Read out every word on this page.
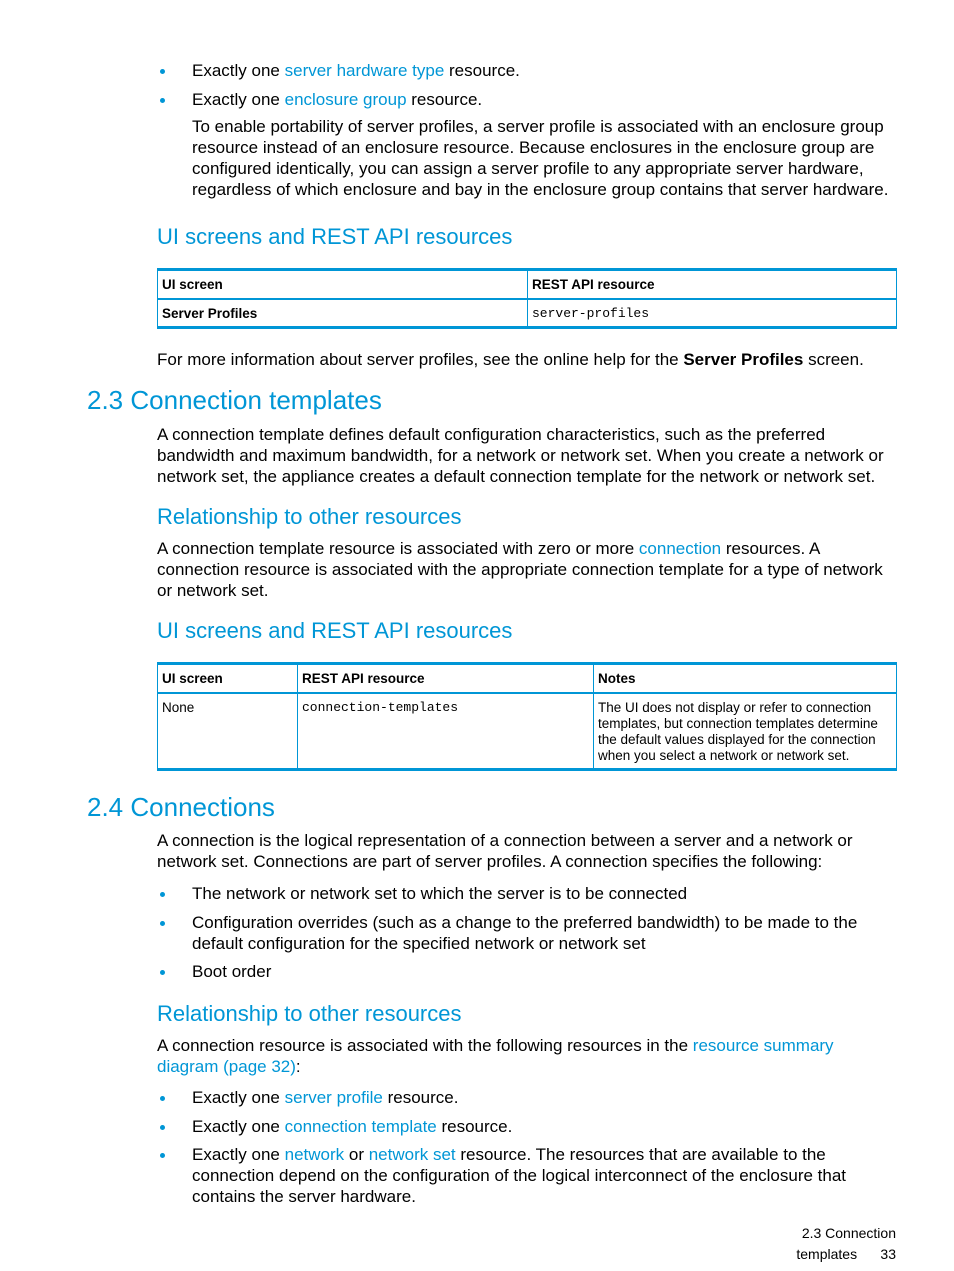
Exactly one server hardware type resource.
Exactly one enclosure group resource.
To enable portability of server profiles, a server profile is associated with an enclosure group resource instead of an enclosure resource. Because enclosures in the enclosure group are configured identically, you can assign a server profile to any appropriate server hardware, regardless of which enclosure and bay in the enclosure group contains that server hardware.
UI screens and REST API resources
UI screen	REST API resource
Server Profiles	server-profiles
For more information about server profiles, see the online help for the Server Profiles screen.
2.3 Connection templates
A connection template defines default configuration characteristics, such as the preferred bandwidth and maximum bandwidth, for a network or network set. When you create a network or network set, the appliance creates a default connection template for the network or network set.
Relationship to other resources
A connection template resource is associated with zero or more connection resources. A connection resource is associated with the appropriate connection template for a type of network or network set.
UI screens and REST API resources
UI screen	REST API resource	Notes
None	connection-templates	The UI does not display or refer to connection templates, but connection templates determine the default values displayed for the connection when you select a network or network set.
2.4 Connections
A connection is the logical representation of a connection between a server and a network or network set. Connections are part of server profiles. A connection specifies the following:
The network or network set to which the server is to be connected
Configuration overrides (such as a change to the preferred bandwidth) to be made to the default configuration for the specified network or network set
Boot order
Relationship to other resources
A connection resource is associated with the following resources in the resource summary diagram (page 32):
Exactly one server profile resource.
Exactly one connection template resource.
Exactly one network or network set resource. The resources that are available to the connection depend on the configuration of the logical interconnect of the enclosure that contains the server hardware.
2.3 Connection templates 33
